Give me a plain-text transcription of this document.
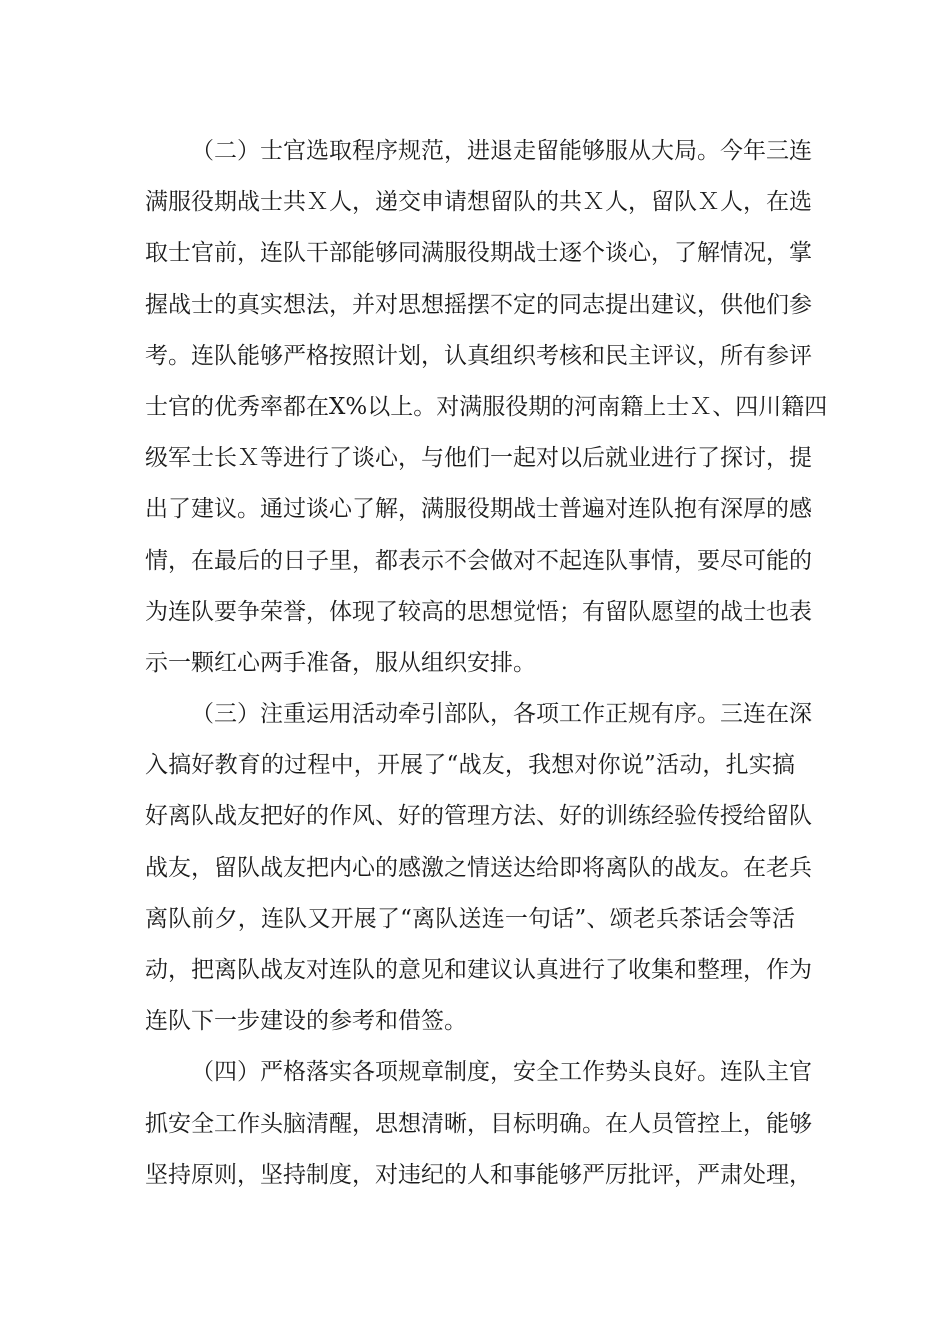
（二）士官选取程序规范，进退走留能够服从大局。今年三连
满服役期战士共Ｘ人，递交申请想留队的共Ｘ人，留队Ｘ人，在选
取士官前，连队干部能够同满服役期战士逐个谈心，了解情况，掌
握战士的真实想法，并对思想摇摆不定的同志提出建议，供他们参
考。连队能够严格按照计划，认真组织考核和民主评议，所有参评
士官的优秀率都在X%以上。对满服役期的河南籍上士Ｘ、四川籍四
级军士长Ｘ等进行了谈心，与他们一起对以后就业进行了探讨，提
出了建议。通过谈心了解，满服役期战士普遍对连队抱有深厚的感
情，在最后的日子里，都表示不会做对不起连队事情，要尽可能的
为连队要争荣誉，体现了较高的思想觉悟；有留队愿望的战士也表
示一颗红心两手准备，服从组织安排。
（三）注重运用活动牵引部队，各项工作正规有序。三连在深
入搞好教育的过程中，开展了“战友，我想对你说”活动，扎实搞
好离队战友把好的作风、好的管理方法、好的训练经验传授给留队
战友，留队战友把内心的感激之情送达给即将离队的战友。在老兵
离队前夕，连队又开展了“离队送连一句话”、颂老兵茶话会等活
动，把离队战友对连队的意见和建议认真进行了收集和整理，作为
连队下一步建设的参考和借签。
（四）严格落实各项规章制度，安全工作势头良好。连队主官
抓安全工作头脑清醒，思想清晰，目标明确。在人员管控上，能够
坚持原则，坚持制度，对违纪的人和事能够严厉批评，严肃处理，
